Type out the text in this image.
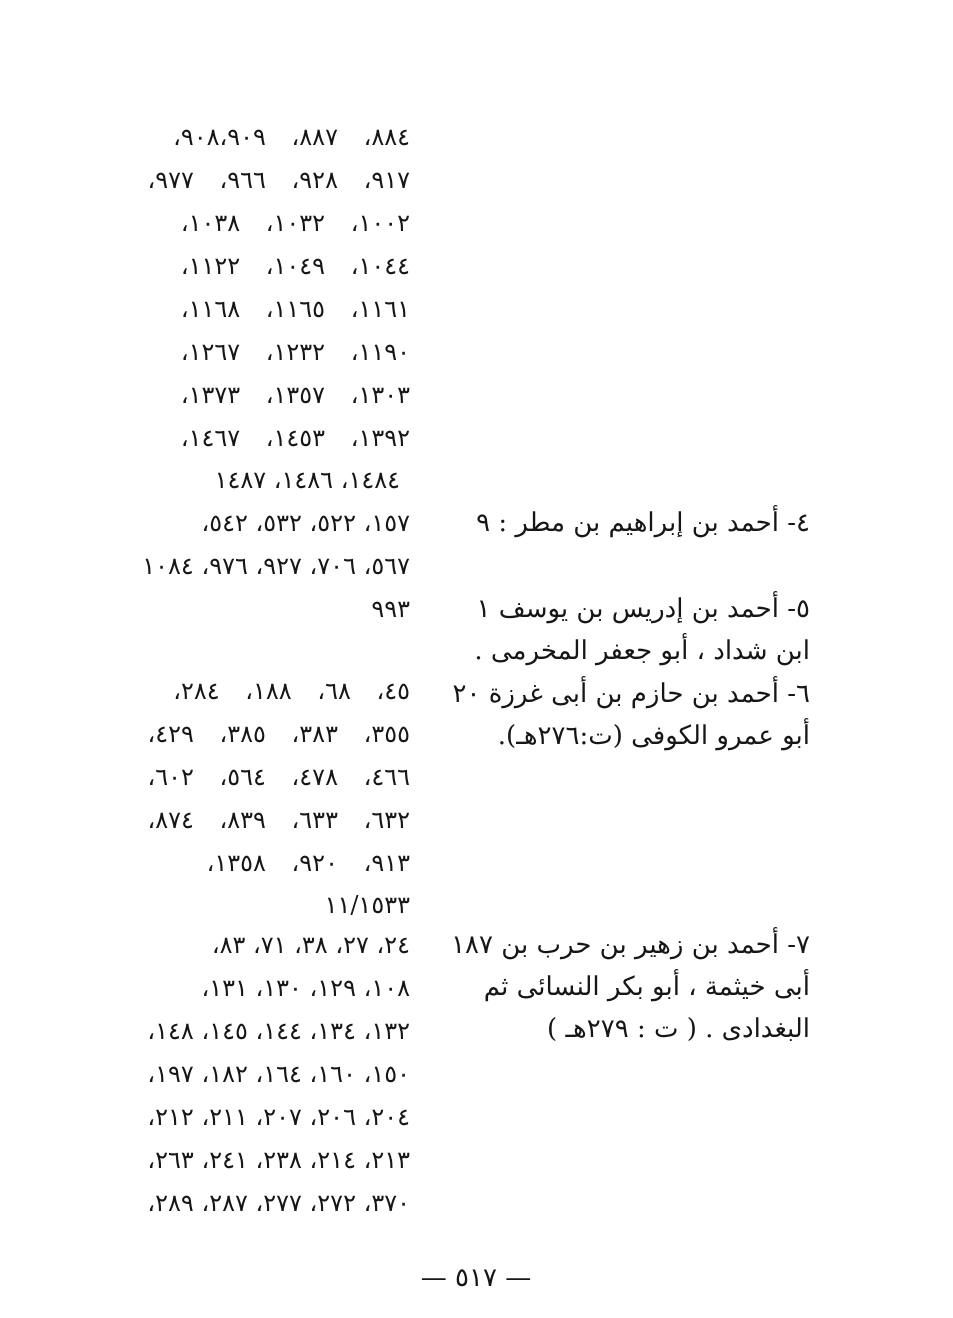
٨٨٤، ٨٨٧، ٩٠٨،٩٠٩،
٩١٧، ٩٢٨، ٩٦٦، ٩٧٧،
١٠٠٢، ١٠٣٢، ١٠٣٨،
١٠٤٤، ١٠٤٩، ١١٢٢،
١١٦١، ١١٦٥، ١١٦٨،
١١٩٠، ١٢٣٢، ١٢٦٧،
١٣٠٣، ١٣٥٧، ١٣٧٣،
١٣٩٢، ١٤٥٣، ١٤٦٧،
١٤٨٤، ١٤٨٦، ١٤٨٧
٤- أحمد بن إبراهيم بن مطر : ٩
١٥٧، ٥٢٢، ٥٣٢، ٥٤٢،
٥٦٧، ٧٠٦، ٩٢٧، ٩٧٦، ١٠٨٤
٩٩٣	٥- أحمد بن إدريس بن يوسف ١
ابن شداد ، أبو جعفر المخرمى .
٦- أحمد بن حازم بن أبى غرزة ٢٠
أبو عمرو الكوفى (ت:٢٧٦هـ).
٤٥، ٦٨، ١٨٨، ٢٨٤،
٣٥٥، ٣٨٣، ٣٨٥، ٤٢٩،
٤٦٦، ٤٧٨، ٥٦٤، ٦٠٢،
٦٣٢، ٦٣٣، ٨٣٩، ٨٧٤،
٩١٣، ٩٢٠، ١٣٥٨،
١١/١٥٣٣
٧- أحمد بن زهير بن حرب بن ١٨٧
أبى خيثمة ، أبو بكر النسائى ثم
البغدادى . ( ت : ٢٧٩هـ )
٢٤، ٢٧، ٣٨، ٧١، ٨٣،
١٠٨، ١٢٩، ١٣٠، ١٣١،
١٣٢، ١٣٤، ١٤٤، ١٤٥، ١٤٨،
١٥٠، ١٦٠، ١٦٤، ١٨٢، ١٩٧،
٢٠٤، ٢٠٦، ٢٠٧، ٢١١، ٢١٢،
٢١٣، ٢١٤، ٢٣٨، ٢٤١، ٢٦٣،
٣٧٠، ٢٧٢، ٢٧٧، ٢٨٧، ٢٨٩،
— ٥١٧ —
